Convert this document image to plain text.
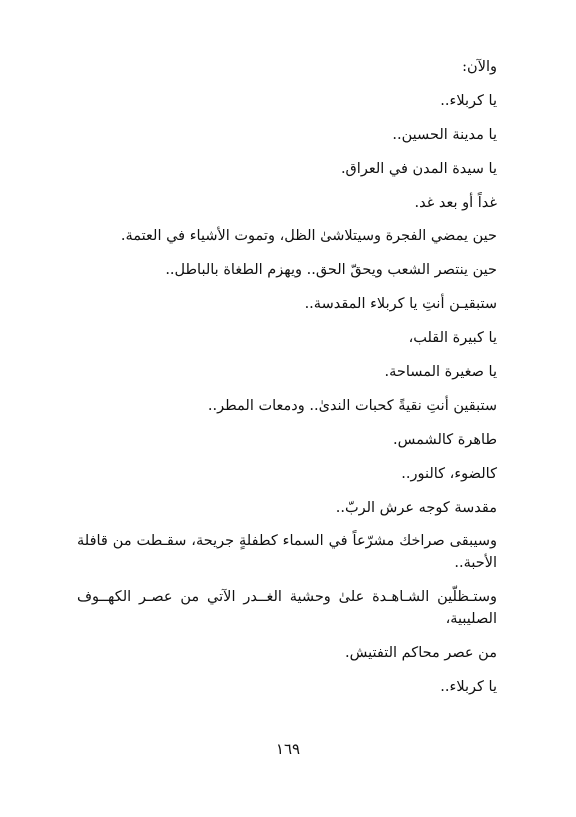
والآن:
يا كربلاء..
يا مدينة الحسين..
يا سيدة المدن في العراق.
غداً أو بعد غد.
حين يمضي الفجرة وسيتلاشىٰ الظل، وتموت الأشياء في العتمة.
حين ينتصر الشعب ويحقّ الحق.. ويهزم الطغاة بالباطل..
ستبقيـن أنتِ يا كربلاء المقدسة..
يا كبيرة القلب،
يا صغيرة المساحة.
ستبقين أنتِ نقيةً كحبات الندىٰ.. ودمعات المطر..
طاهرة كالشمس.
كالضوء، كالنور..
مقدسة كوجه عرش الربّ..
وسيبقى صراخك مشرّعاً في السماء كطفلةٍ جريحة، سقـطت من قافلة الأحبة..
وستـظلّين الشـاهـدة علىٰ وحشية الغــدر الآتي من عصـر الكهــوف الصليبية،
من عصر محاكم التفتيش.
يا كربلاء..
١٦٩
